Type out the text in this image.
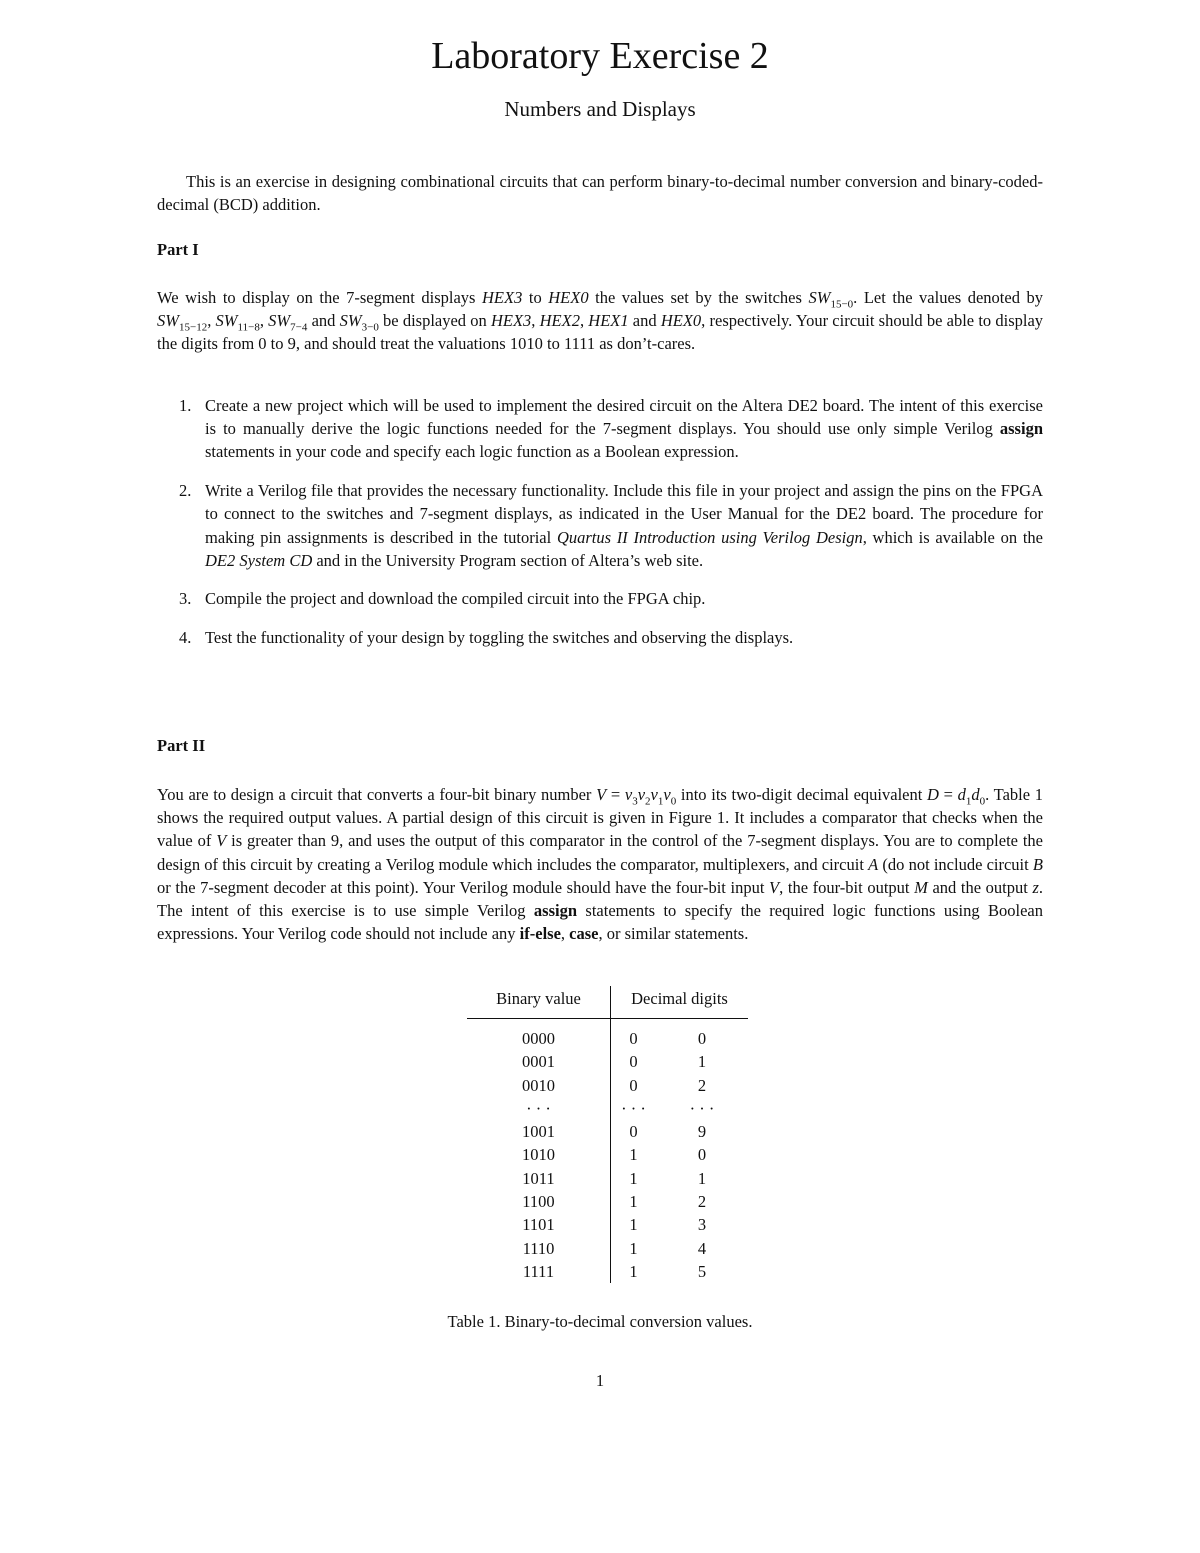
Laboratory Exercise 2
Numbers and Displays

This is an exercise in designing combinational circuits that can perform binary-to-decimal number conversion and binary-coded-decimal (BCD) addition.

Part I

We wish to display on the 7-segment displays HEX3 to HEX0 the values set by the switches $SW_{15-0}$. Let the values denoted by $SW_{15-12}$, $SW_{11-8}$, $SW_{7-4}$ and $SW_{3-0}$ be displayed on HEX3, HEX2, HEX1 and HEX0, respectively. Your circuit should be able to display the digits from 0 to 9, and should treat the valuations 1010 to 1111 as don’t-cares.

1. Create a new project which will be used to implement the desired circuit on the Altera DE2 board. The intent of this exercise is to manually derive the logic functions needed for the 7-segment displays. You should use only simple Verilog assign statements in your code and specify each logic function as a Boolean expression.
2. Write a Verilog file that provides the necessary functionality. Include this file in your project and assign the pins on the FPGA to connect to the switches and 7-segment displays, as indicated in the User Manual for the DE2 board. The procedure for making pin assignments is described in the tutorial Quartus II Introduction using Verilog Design, which is available on the DE2 System CD and in the University Program section of Altera’s web site.
3. Compile the project and download the compiled circuit into the FPGA chip.
4. Test the functionality of your design by toggling the switches and observing the displays.
Part II

You are to design a circuit that converts a four-bit binary number $V = v_3v_2v_1v_0$ into its two-digit decimal equivalent $D = d_1d_0$. Table 1 shows the required output values. A partial design of this circuit is given in Figure 1. It includes a comparator that checks when the value of V is greater than 9, and uses the output of this comparator in the control of the 7-segment displays. You are to complete the design of this circuit by creating a Verilog module which includes the comparator, multiplexers, and circuit A (do not include circuit B or the 7-segment decoder at this point). Your Verilog module should have the four-bit input V, the four-bit output M and the output z. The intent of this exercise is to use simple Verilog assign statements to specify the required logic functions using Boolean expressions. Your Verilog code should not include any if-else, case, or similar statements.

Binary value	Decimal digits	
0000	0	0
0001	0	1
0010	0	2
· · ·	· · ·	· · ·
1001	0	9
1010	1	0
1011	1	1
1100	1	2
1101	1	3
1110	1	4
1111	1	5
Table 1. Binary-to-decimal conversion values.
1
